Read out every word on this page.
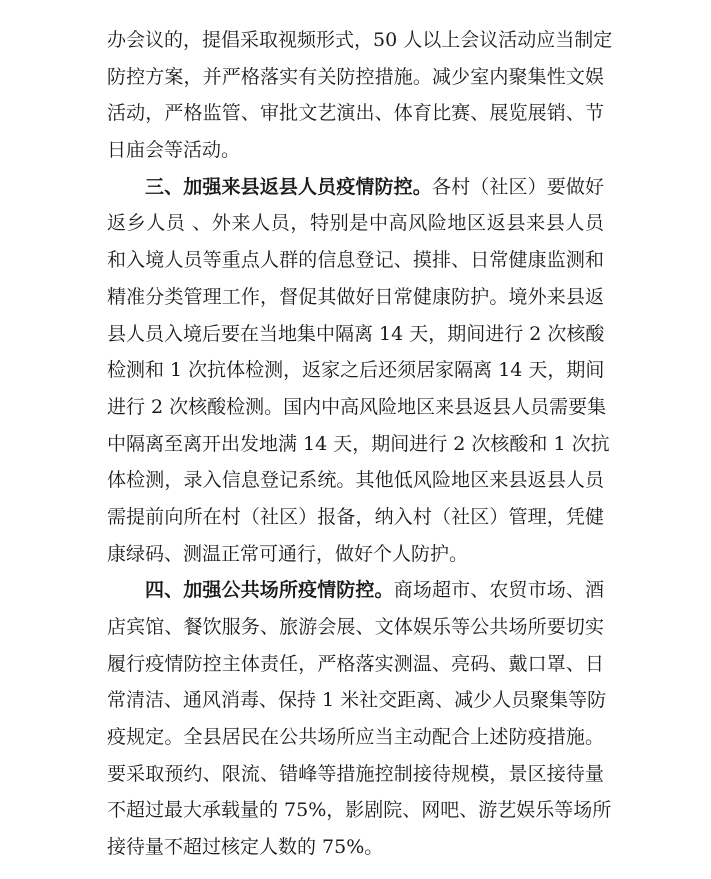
办会议的，提倡采取视频形式，50 人以上会议活动应当制定
防控方案，并严格落实有关防控措施。减少室内聚集性文娱
活动，严格监管、审批文艺演出、体育比赛、展览展销、节
日庙会等活动。
三、加强来县返县人员疫情防控。各村（社区）要做好
返乡人员 、外来人员，特别是中高风险地区返县来县人员
和入境人员等重点人群的信息登记、摸排、日常健康监测和
精准分类管理工作，督促其做好日常健康防护。境外来县返
县人员入境后要在当地集中隔离 14 天，期间进行 2 次核酸
检测和 1 次抗体检测，返家之后还须居家隔离 14 天，期间
进行 2 次核酸检测。国内中高风险地区来县返县人员需要集
中隔离至离开出发地满 14 天，期间进行 2 次核酸和 1 次抗
体检测，录入信息登记系统。其他低风险地区来县返县人员
需提前向所在村（社区）报备，纳入村（社区）管理，凭健
康绿码、测温正常可通行，做好个人防护。
四、加强公共场所疫情防控。商场超市、农贸市场、酒
店宾馆、餐饮服务、旅游会展、文体娱乐等公共场所要切实
履行疫情防控主体责任，严格落实测温、亮码、戴口罩、日
常清洁、通风消毒、保持 1 米社交距离、减少人员聚集等防
疫规定。全县居民在公共场所应当主动配合上述防疫措施。
要采取预约、限流、错峰等措施控制接待规模，景区接待量
不超过最大承载量的 75%，影剧院、网吧、游艺娱乐等场所
接待量不超过核定人数的 75%。
